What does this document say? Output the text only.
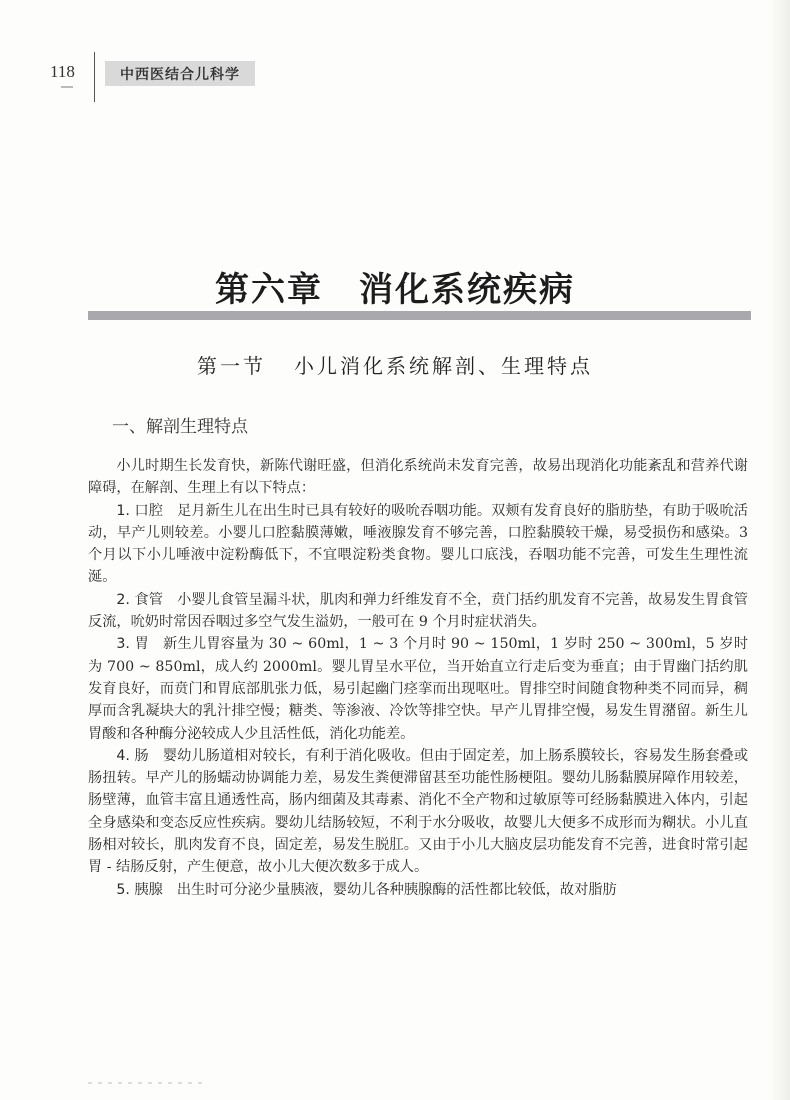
118	中西医结合儿科学
第六章 消化系统疾病
第一节 小儿消化系统解剖、生理特点
一、解剖生理特点

小儿时期生长发育快，新陈代谢旺盛，但消化系统尚未发育完善，故易出现消化功能紊乱和营养代谢障碍，在解剖、生理上有以下特点：

1. 口腔 足月新生儿在出生时已具有较好的吸吮吞咽功能。双颊有发育良好的脂肪垫，有助于吸吮活动，早产儿则较差。小婴儿口腔黏膜薄嫩，唾液腺发育不够完善，口腔黏膜较干燥，易受损伤和感染。3 个月以下小儿唾液中淀粉酶低下，不宜喂淀粉类食物。婴儿口底浅，吞咽功能不完善，可发生生理性流涎。

2. 食管 小婴儿食管呈漏斗状，肌肉和弹力纤维发育不全，贲门括约肌发育不完善，故易发生胃食管反流，吮奶时常因吞咽过多空气发生溢奶，一般可在 9 个月时症状消失。

3. 胃 新生儿胃容量为 30 ~ 60ml，1 ~ 3 个月时 90 ~ 150ml，1 岁时 250 ~ 300ml，5 岁时为 700 ~ 850ml，成人约 2000ml。婴儿胃呈水平位，当开始直立行走后变为垂直；由于胃幽门括约肌发育良好，而贲门和胃底部肌张力低，易引起幽门痉挛而出现呕吐。胃排空时间随食物种类不同而异，稠厚而含乳凝块大的乳汁排空慢；糖类、等渗液、冷饮等排空快。早产儿胃排空慢，易发生胃潴留。新生儿胃酸和各种酶分泌较成人少且活性低，消化功能差。

4. 肠 婴幼儿肠道相对较长，有利于消化吸收。但由于固定差，加上肠系膜较长，容易发生肠套叠或肠扭转。早产儿的肠蠕动协调能力差，易发生粪便滞留甚至功能性肠梗阻。婴幼儿肠黏膜屏障作用较差，肠壁薄，血管丰富且通透性高，肠内细菌及其毒素、消化不全产物和过敏原等可经肠黏膜进入体内，引起全身感染和变态反应性疾病。婴幼儿结肠较短，不利于水分吸收，故婴儿大便多不成形而为糊状。小儿直肠相对较长，肌肉发育不良，固定差，易发生脱肛。又由于小儿大脑皮层功能发育不完善，进食时常引起胃 - 结肠反射，产生便意，故小儿大便次数多于成人。

5. 胰腺 出生时可分泌少量胰液，婴幼儿各种胰腺酶的活性都比较低，故对脂肪
